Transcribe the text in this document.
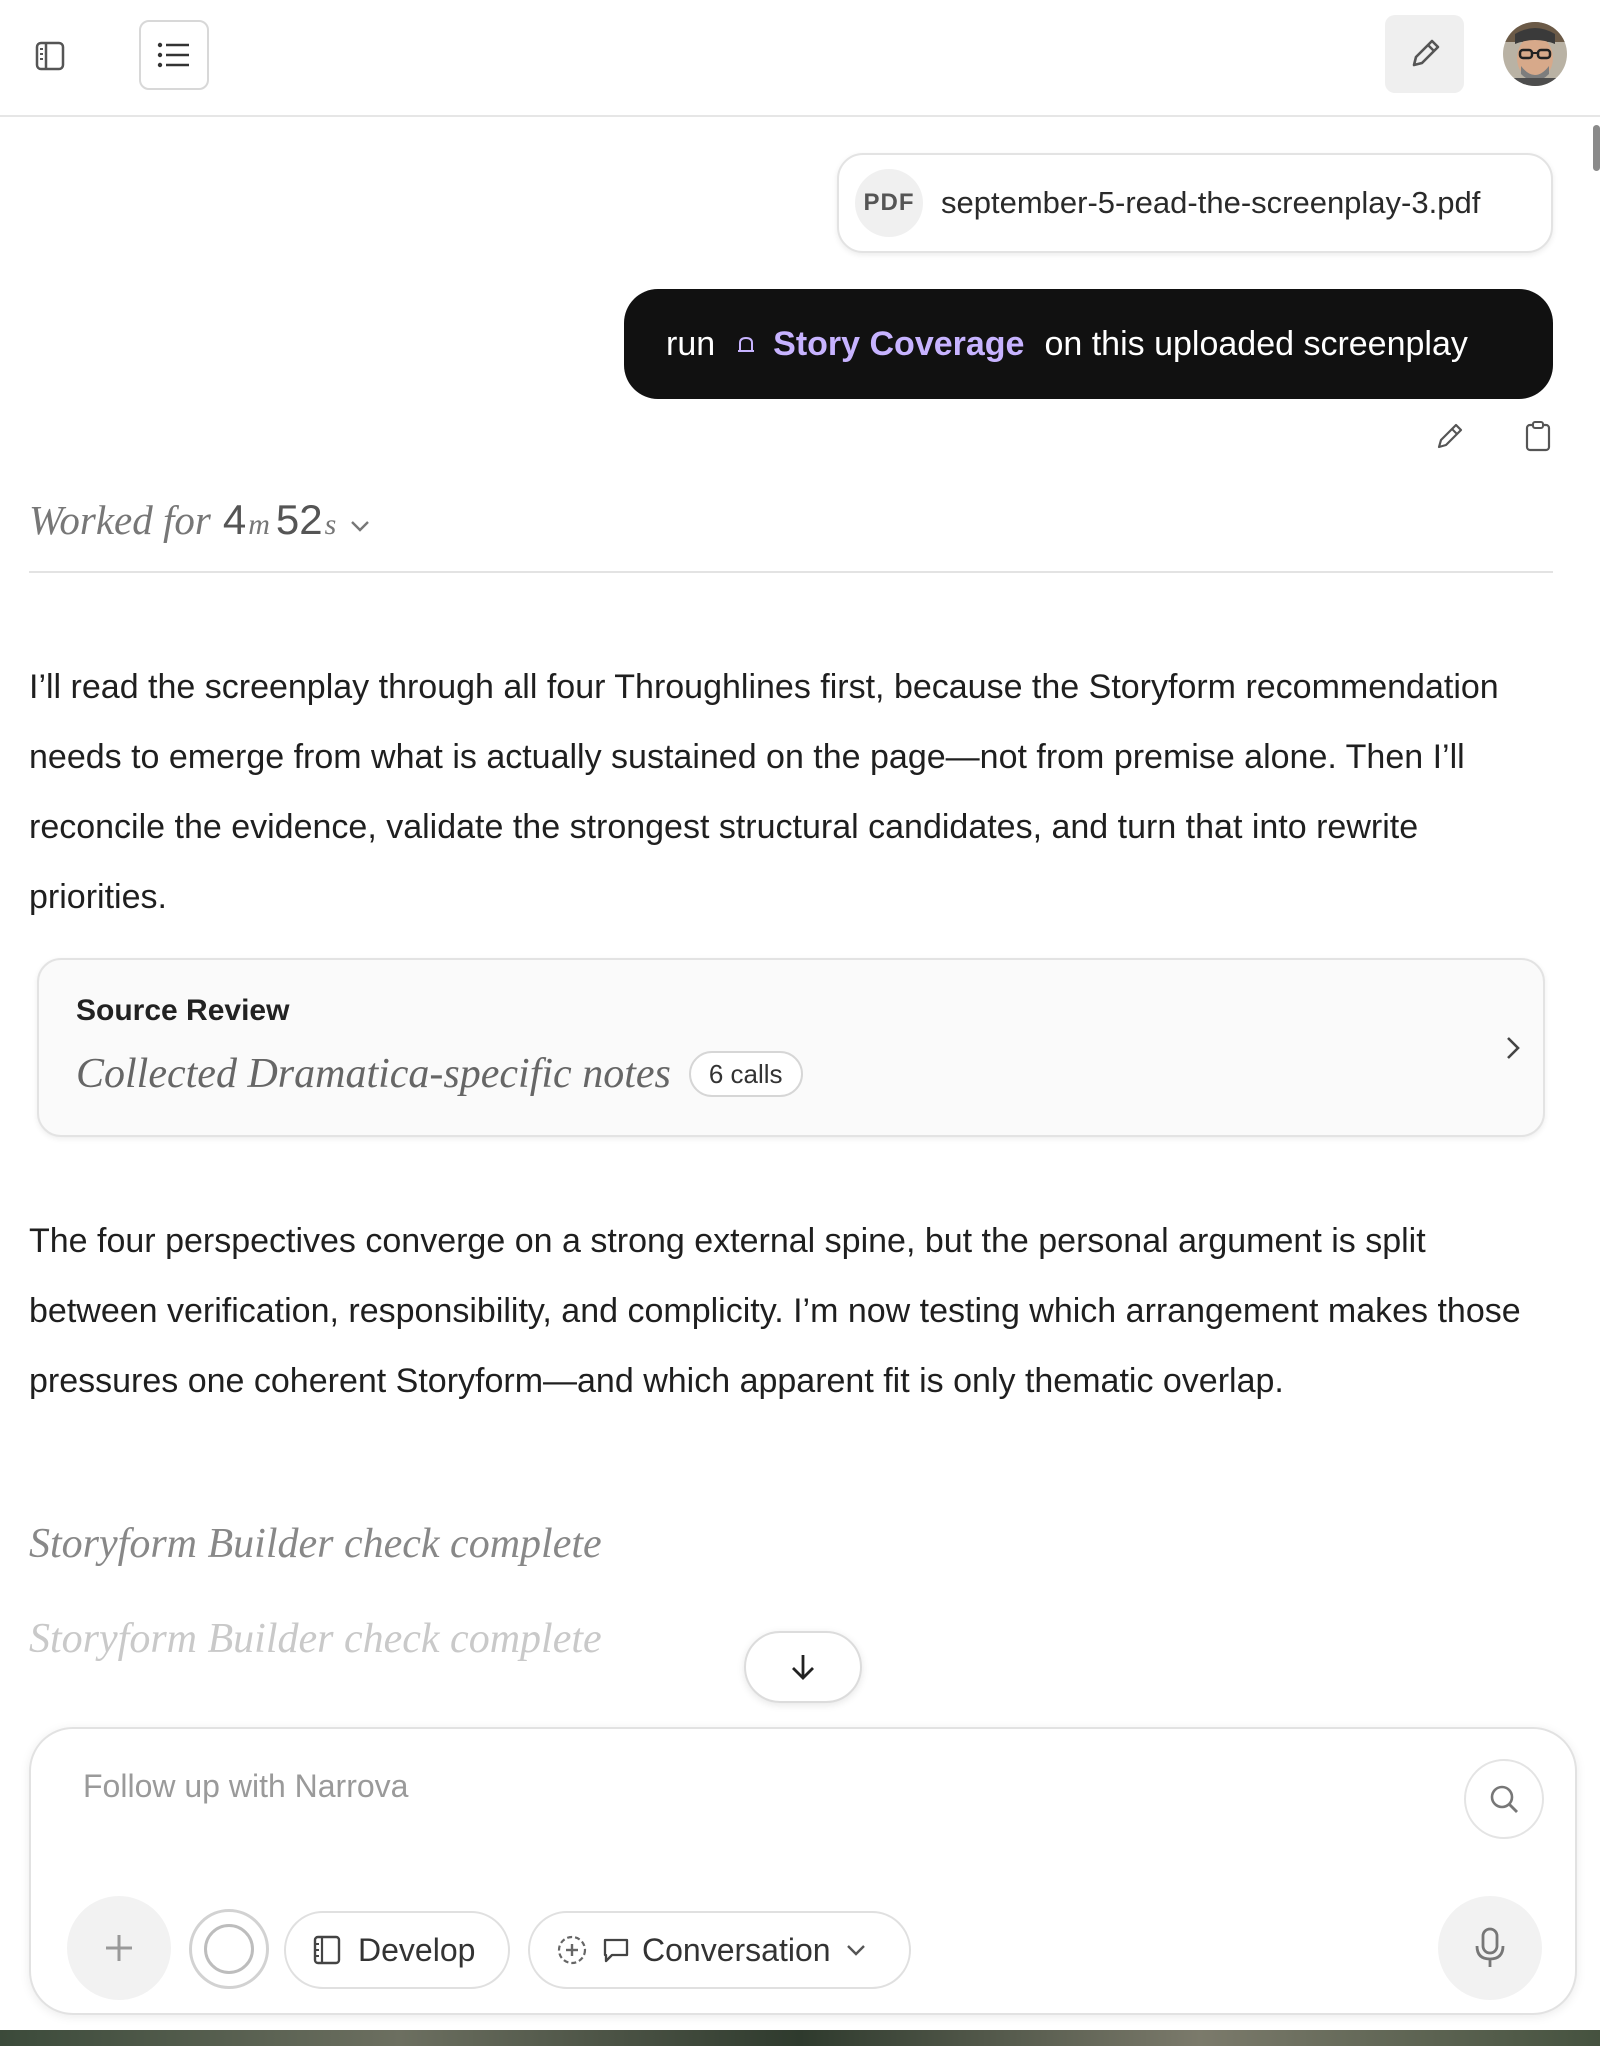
PDF september-5-read-the-screenplay-3.pdf
run Story Coverage on this uploaded screenplay
Worked for 4 m 52 s
I’ll read the screenplay through all four Throughlines first, because the Storyform recommendation needs to emerge from what is actually sustained on the page—not from premise alone. Then I’ll reconcile the evidence, validate the strongest structural candidates, and turn that into rewrite priorities.
Source Review
Collected Dramatica-specific notes	6 calls
The four perspectives converge on a strong external spine, but the personal argument is split between verification, responsibility, and complicity. I’m now testing which arrangement makes those pressures one coherent Storyform—and which apparent fit is only thematic overlap.
Storyform Builder check complete
Storyform Builder check complete
Follow up with Narrova
Develop	Conversation
